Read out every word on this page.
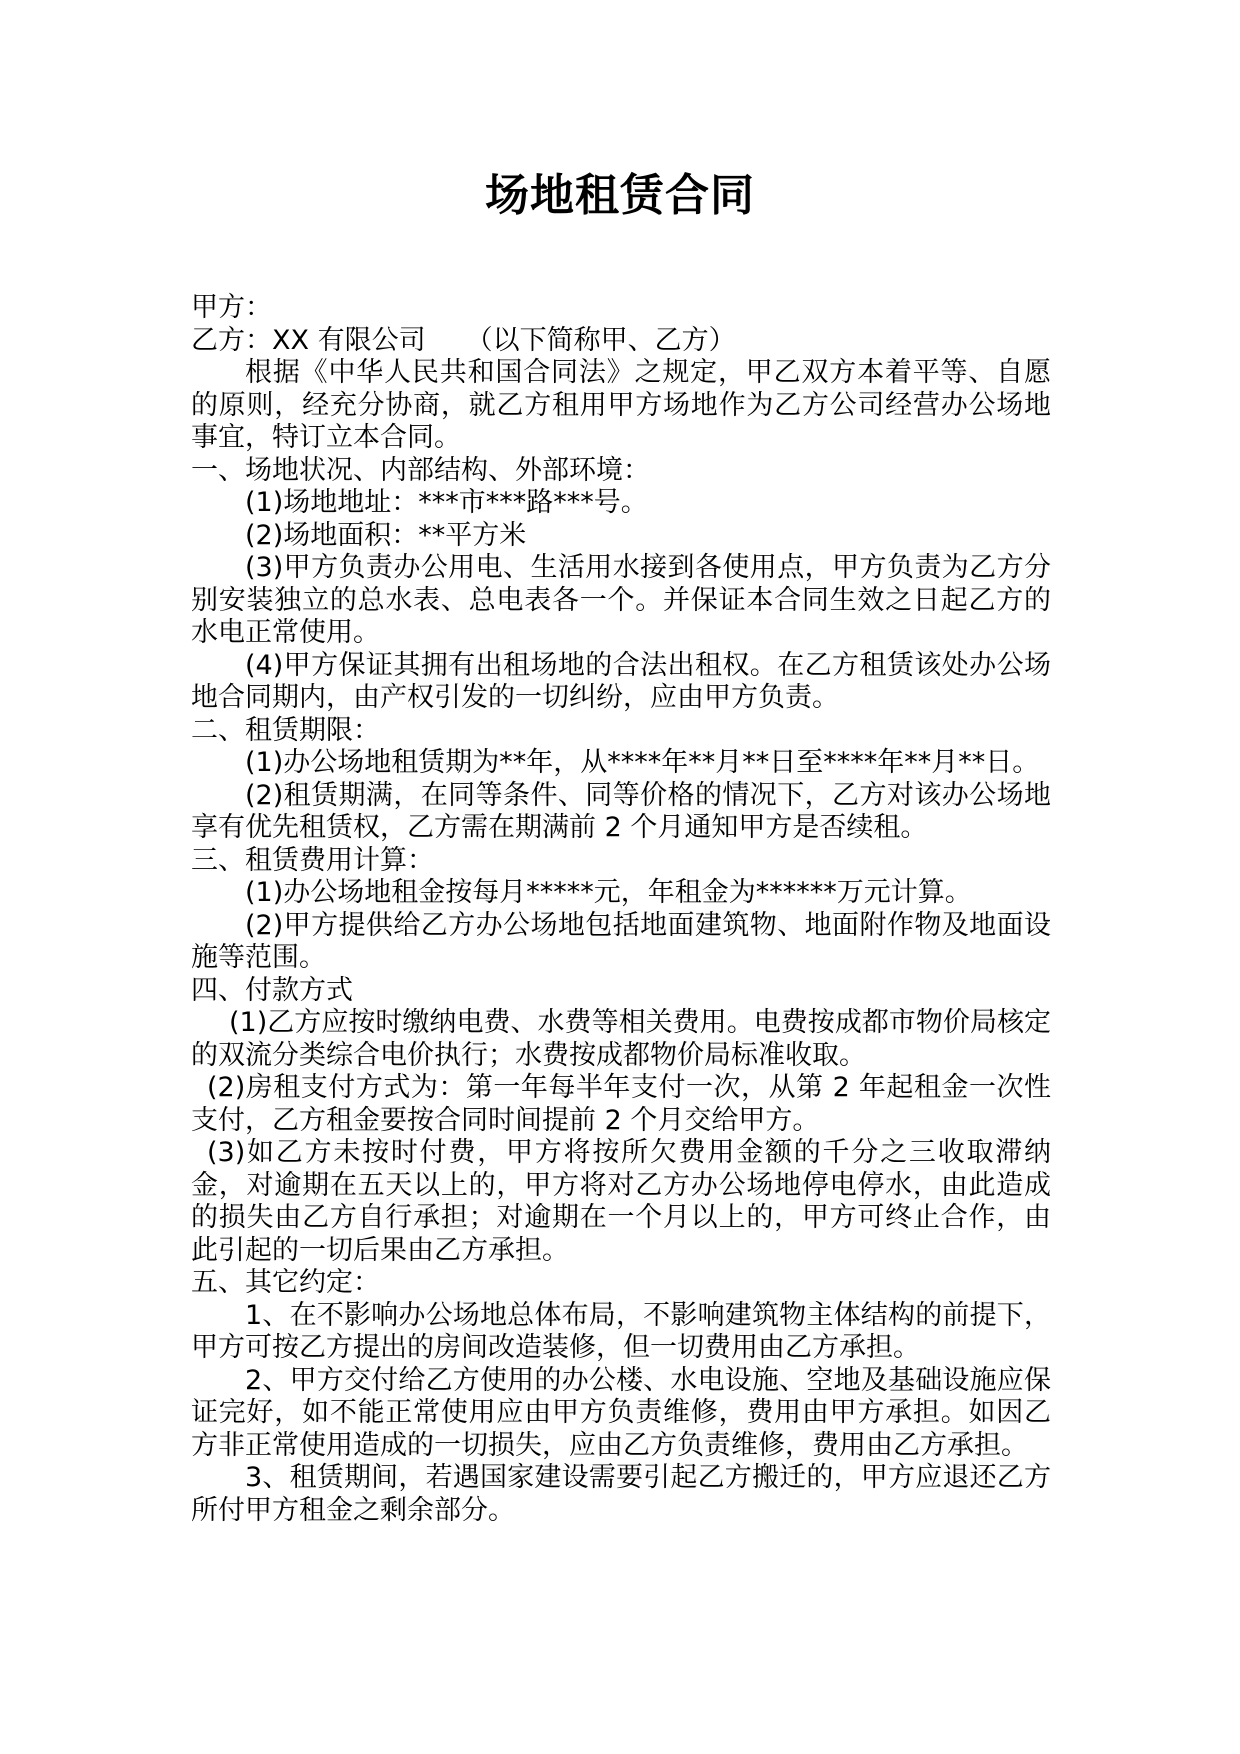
场地租赁合同

甲方：

乙方：XX 有限公司 （以下简称甲、乙方）

根据《中华人民共和国合同法》之规定，甲乙双方本着平等、自愿的原则，经充分协商，就乙方租用甲方场地作为乙方公司经营办公场地事宜，特订立本合同。

一、场地状况、内部结构、外部环境：

(1)场地地址：***市***路***号。

(2)场地面积：**平方米

(3)甲方负责办公用电、生活用水接到各使用点，甲方负责为乙方分别安装独立的总水表、总电表各一个。并保证本合同生效之日起乙方的水电正常使用。

(4)甲方保证其拥有出租场地的合法出租权。在乙方租赁该处办公场地合同期内，由产权引发的一切纠纷，应由甲方负责。

二、租赁期限：

(1)办公场地租赁期为**年，从****年**月**日至****年**月**日。

(2)租赁期满，在同等条件、同等价格的情况下，乙方对该办公场地享有优先租赁权，乙方需在期满前 2 个月通知甲方是否续租。

三、租赁费用计算：

(1)办公场地租金按每月*****元，年租金为******万元计算。

(2)甲方提供给乙方办公场地包括地面建筑物、地面附作物及地面设施等范围。

四、付款方式

(1)乙方应按时缴纳电费、水费等相关费用。电费按成都市物价局核定的双流分类综合电价执行；水费按成都物价局标准收取。

(2)房租支付方式为：第一年每半年支付一次，从第 2 年起租金一次性支付，乙方租金要按合同时间提前 2 个月交给甲方。

(3)如乙方未按时付费，甲方将按所欠费用金额的千分之三收取滞纳金，对逾期在五天以上的，甲方将对乙方办公场地停电停水，由此造成的损失由乙方自行承担；对逾期在一个月以上的，甲方可终止合作，由此引起的一切后果由乙方承担。

五、其它约定：

1、在不影响办公场地总体布局，不影响建筑物主体结构的前提下，甲方可按乙方提出的房间改造装修，但一切费用由乙方承担。

2、甲方交付给乙方使用的办公楼、水电设施、空地及基础设施应保证完好，如不能正常使用应由甲方负责维修，费用由甲方承担。如因乙方非正常使用造成的一切损失，应由乙方负责维修，费用由乙方承担。

3、租赁期间，若遇国家建设需要引起乙方搬迁的，甲方应退还乙方所付甲方租金之剩余部分。
